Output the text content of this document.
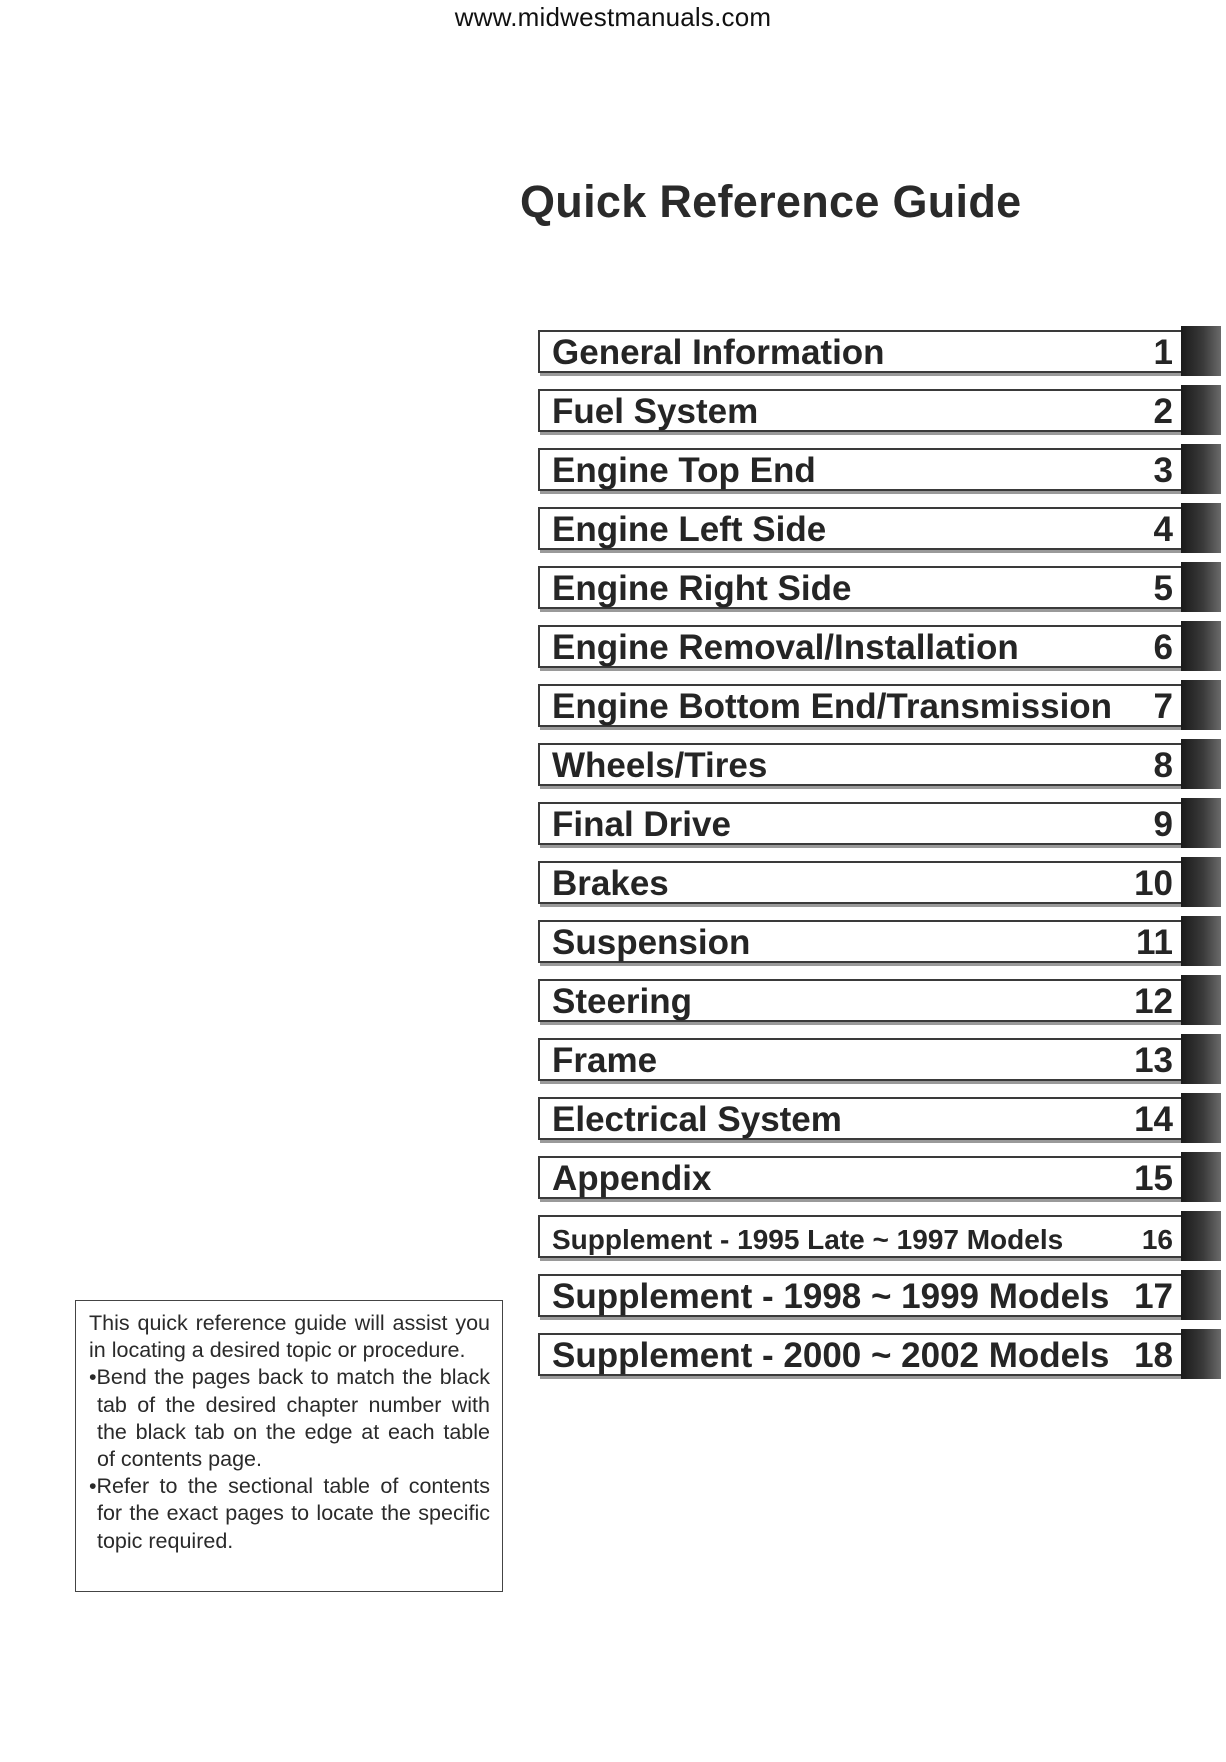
www.midwestmanuals.com
Quick Reference Guide
General Information	1
Fuel System	2
Engine Top End	3
Engine Left Side	4
Engine Right Side	5
Engine Removal/Installation	6
Engine Bottom End/Transmission 7
Wheels/Tires	8
Final Drive	9
Brakes	10
Suspension	11
Steering	12
Frame	13
Electrical System	14
Appendix	15
Supplement - 1995 Late ~ 1997 Models	16
Supplement - 1998 ~ 1999 Models 17
Supplement - 2000 ~ 2002 Models 18

This quick reference guide will assist you in locating a desired topic or procedure.

•Bend the pages back to match the black tab of the desired chapter number with the black tab on the edge at each table of contents page.

•Refer to the sectional table of contents for the exact pages to locate the specific topic required.
